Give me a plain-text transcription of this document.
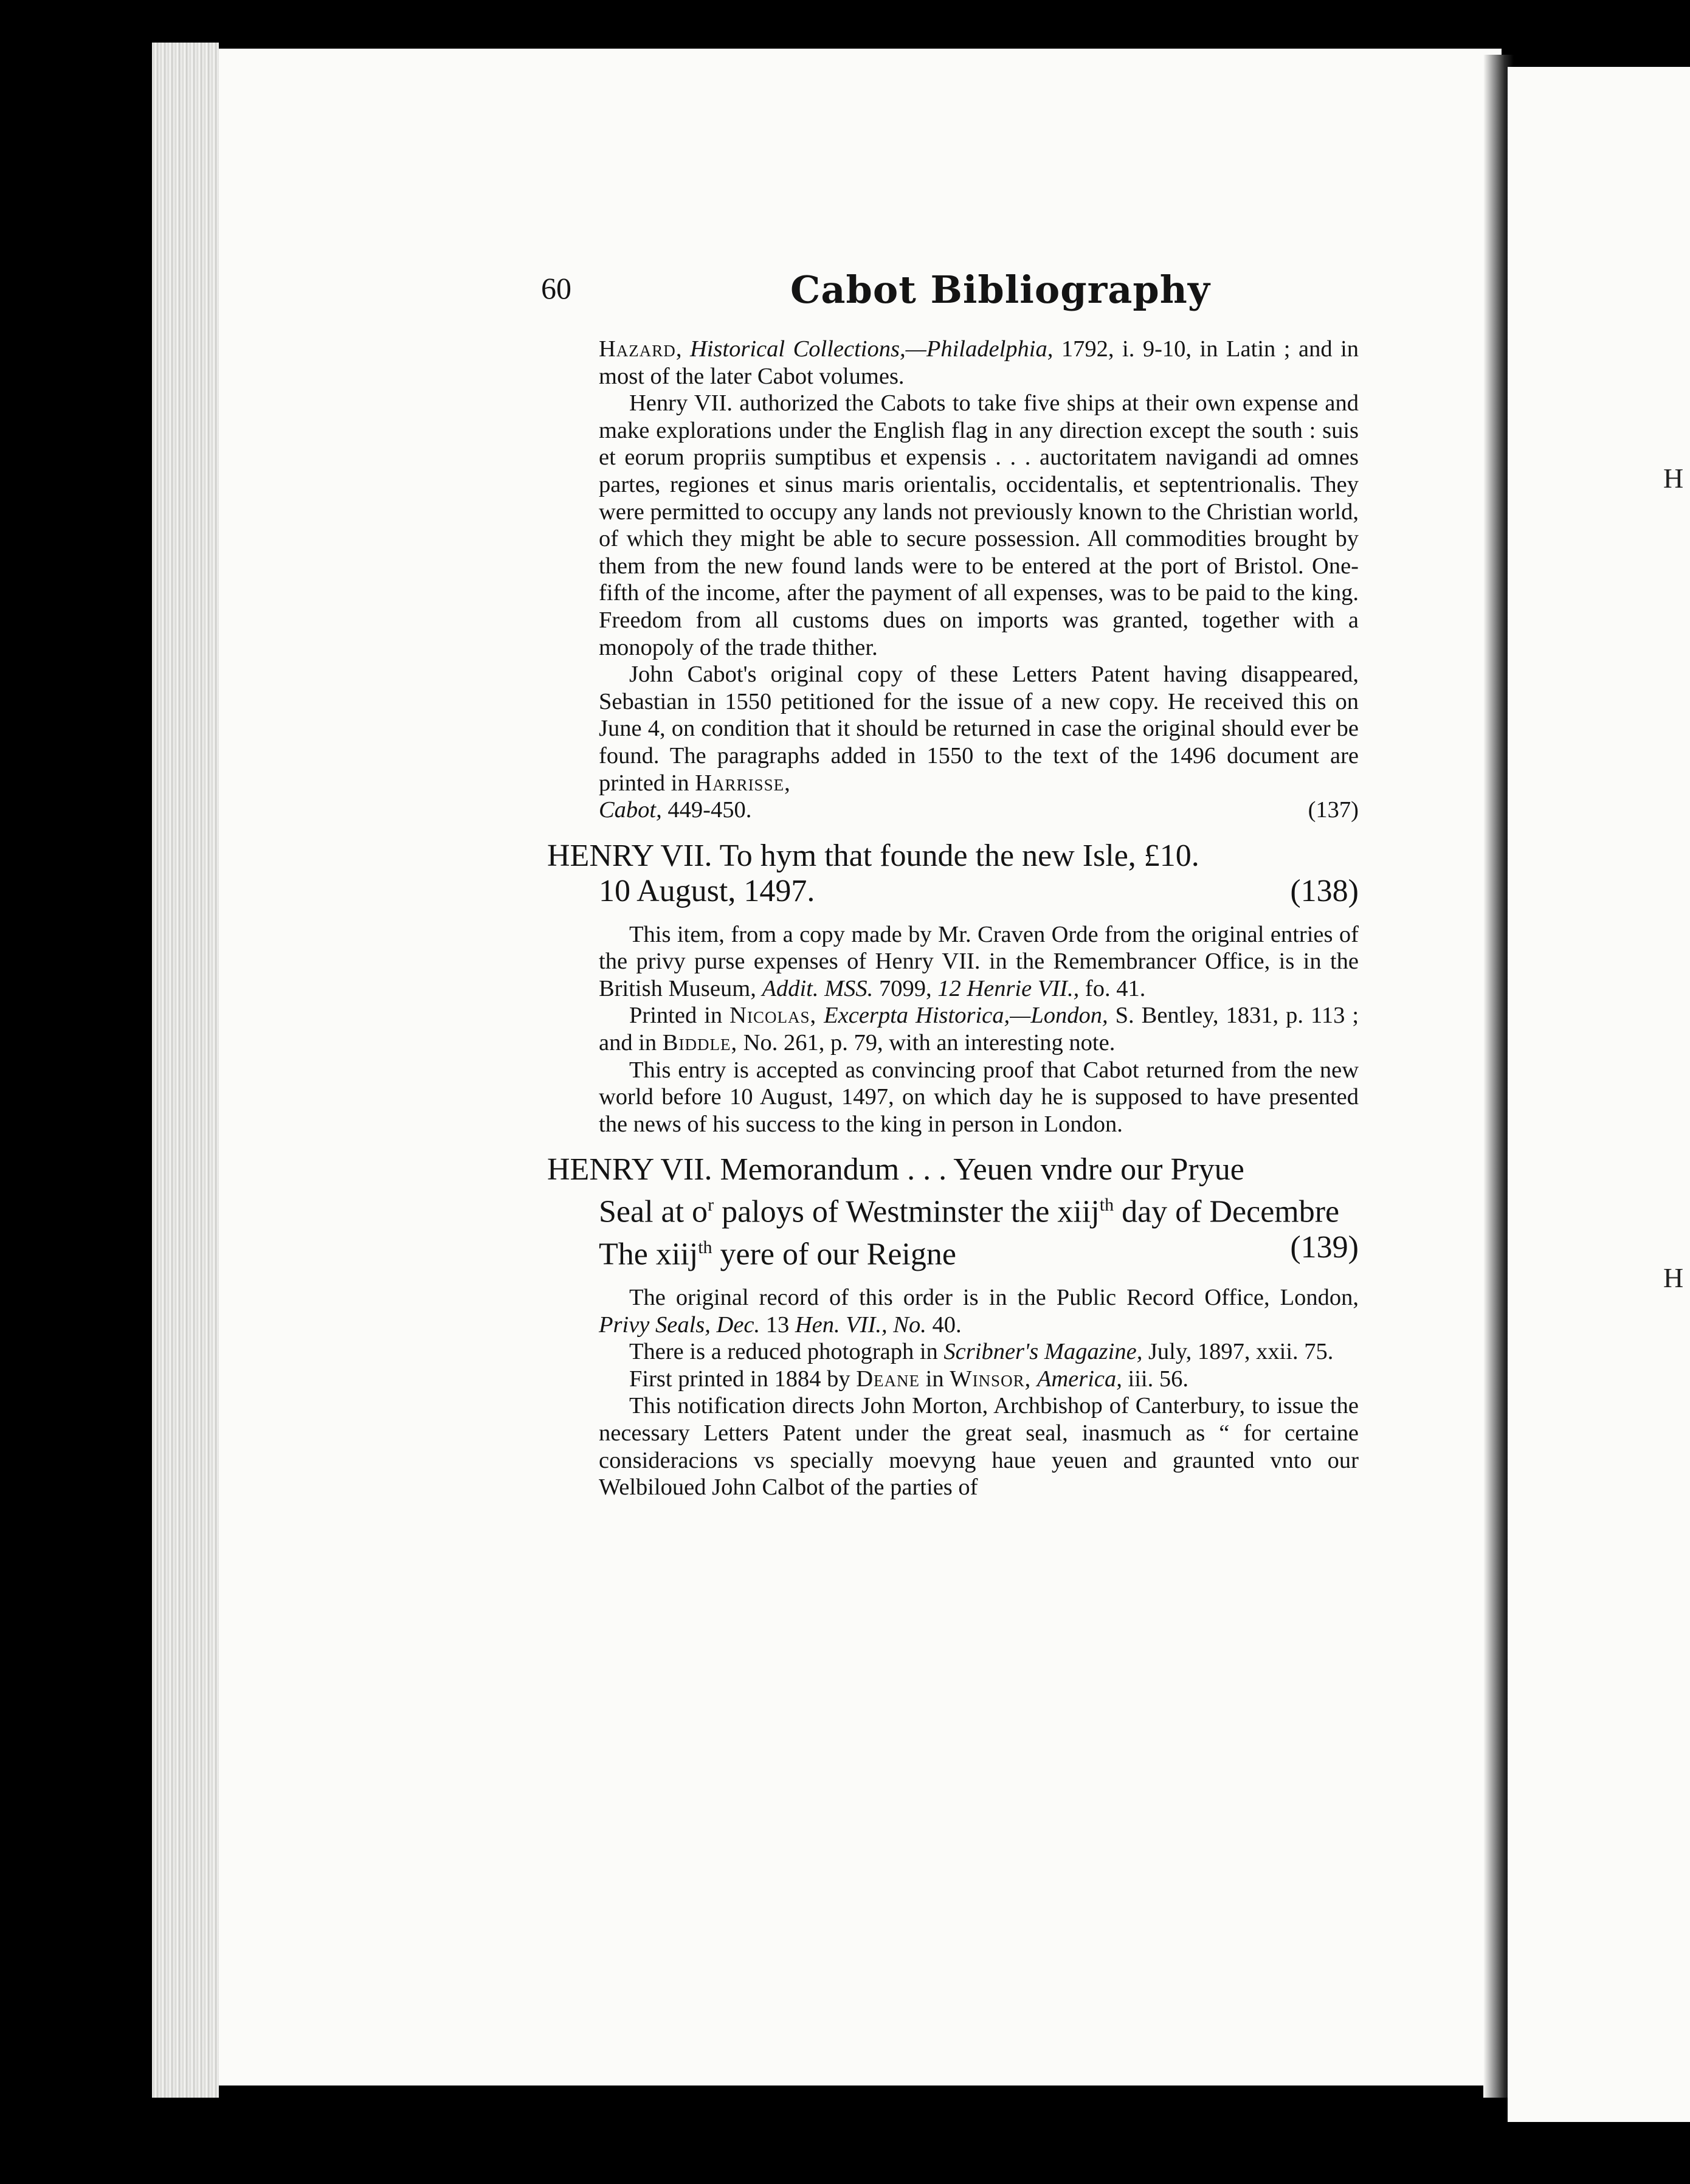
H
H
60	Cabot Bibliography

Hazard, Historical Collections,—Philadelphia, 1792, i. 9-10, in Latin ; and in most of the later Cabot volumes.

Henry VII. authorized the Cabots to take five ships at their own expense and make explorations under the English flag in any direction except the south : suis et eorum propriis sumptibus et expensis . . . auctoritatem navigandi ad omnes partes, regiones et sinus maris orientalis, occidentalis, et septentrionalis. They were permitted to occupy any lands not previously known to the Christian world, of which they might be able to secure possession. All commodities brought by them from the new found lands were to be entered at the port of Bristol. One-fifth of the income, after the payment of all expenses, was to be paid to the king. Freedom from all customs dues on imports was granted, together with a monopoly of the trade thither.

John Cabot's original copy of these Letters Patent having disappeared, Sebastian in 1550 petitioned for the issue of a new copy. He received this on June 4, on condition that it should be returned in case the original should ever be found. The paragraphs added in 1550 to the text of the 1496 document are printed in Harrisse,

Cabot, 449-450.	(137)
HENRY VII. To hym that founde the new Isle, £10.
10 August, 1497.	(138)

This item, from a copy made by Mr. Craven Orde from the original entries of the privy purse expenses of Henry VII. in the Remembrancer Office, is in the British Museum, Addit. MSS. 7099, 12 Henrie VII., fo. 41.

Printed in Nicolas, Excerpta Historica,—London, S. Bentley, 1831, p. 113 ; and in Biddle, No. 261, p. 79, with an interesting note.

This entry is accepted as convincing proof that Cabot returned from the new world before 10 August, 1497, on which day he is supposed to have presented the news of his success to the king in person in London.

HENRY VII. Memorandum . . . Yeuen vndre our Pryue
Seal at $o^r$ paloys of Westminster the xiij$^{th}$ day of Decembre
The xiij$^{th}$ yere of our Reigne	(139)

The original record of this order is in the Public Record Office, London, Privy Seals, Dec. 13 Hen. VII., No. 40.

There is a reduced photograph in Scribner's Magazine, July, 1897, xxii. 75.

First printed in 1884 by Deane in Winsor, America, iii. 56.

This notification directs John Morton, Archbishop of Canterbury, to issue the necessary Letters Patent under the great seal, inasmuch as “ for certaine consideracions vs specially moevyng haue yeuen and graunted vnto our Welbiloued John Calbot of the parties of
